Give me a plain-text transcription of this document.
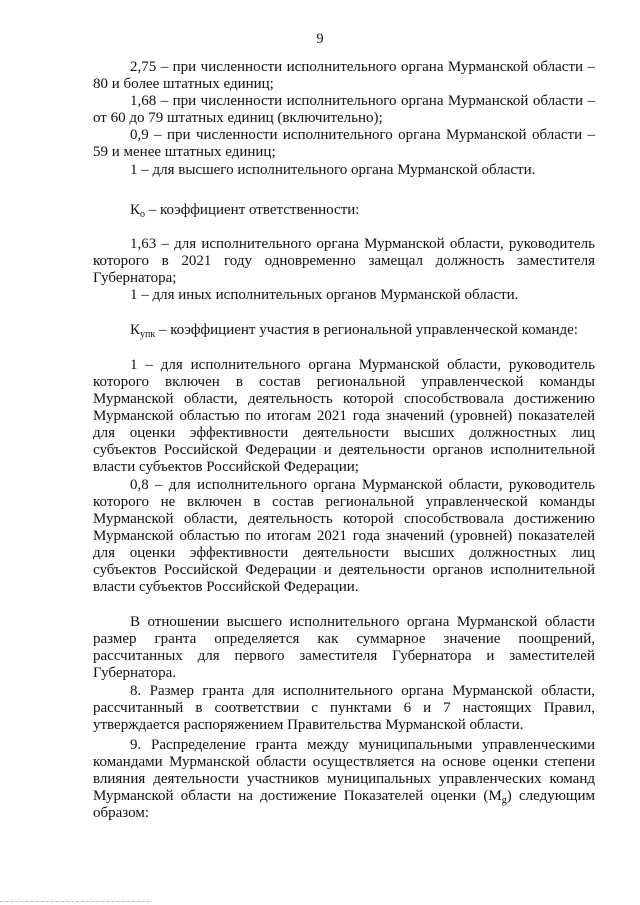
9

2,75 – при численности исполнительного органа Мурманской области – 80 и более штатных единиц;

1,68 – при численности исполнительного органа Мурманской области – от 60 до 79 штатных единиц (включительно);

0,9 – при численности исполнительного органа Мурманской области – 59 и менее штатных единиц;

1 – для высшего исполнительного органа Мурманской области.

$К_о$ – коэффициент ответственности:

1,63 – для исполнительного органа Мурманской области, руководитель которого в 2021 году одновременно замещал должность заместителя Губернатора;

1 – для иных исполнительных органов Мурманской области.

$К_{упк}$ – коэффициент участия в региональной управленческой команде:

1 – для исполнительного органа Мурманской области, руководитель которого включен в состав региональной управленческой команды Мурманской области, деятельность которой способствовала достижению Мурманской областью по итогам 2021 года значений (уровней) показателей для оценки эффективности деятельности высших должностных лиц субъектов Российской Федерации и деятельности органов исполнительной власти субъектов Российской Федерации;

0,8 – для исполнительного органа Мурманской области, руководитель которого не включен в состав региональной управленческой команды Мурманской области, деятельность которой способствовала достижению Мурманской областью по итогам 2021 года значений (уровней) показателей для оценки эффективности деятельности высших должностных лиц субъектов Российской Федерации и деятельности органов исполнительной власти субъектов Российской Федерации.

В отношении высшего исполнительного органа Мурманской области размер гранта определяется как суммарное значение поощрений, рассчитанных для первого заместителя Губернатора и заместителей Губернатора.

8. Размер гранта для исполнительного органа Мурманской области, рассчитанный в соответствии с пунктами 6 и 7 настоящих Правил, утверждается распоряжением Правительства Мурманской области.

9. Распределение гранта между муниципальными управленческими командами Мурманской области осуществляется на основе оценки степени влияния деятельности участников муниципальных управленческих команд Мурманской области на достижение Показателей оценки $(M_g)$ следующим образом:
